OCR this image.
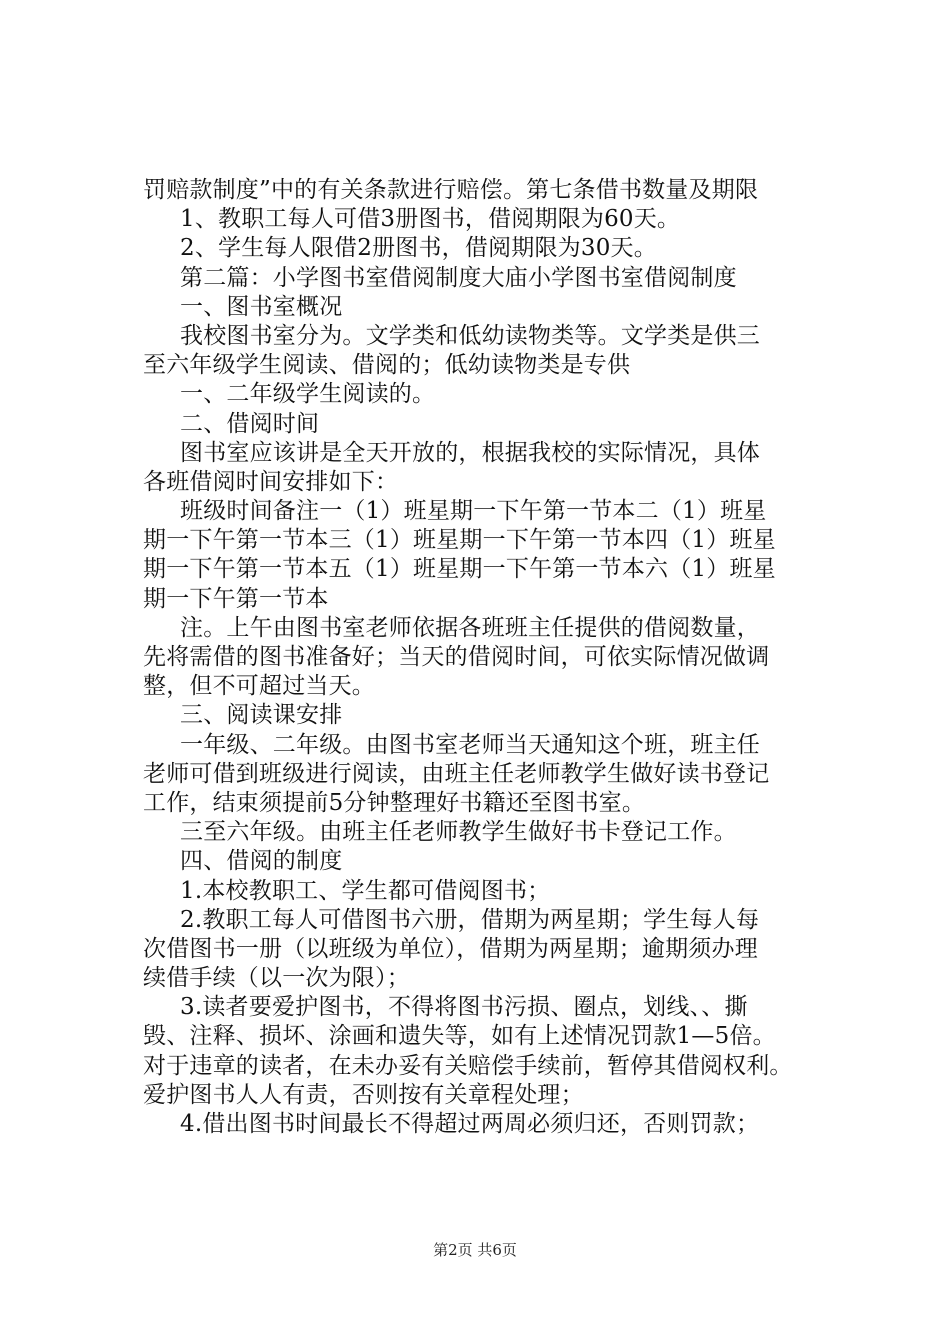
罚赔款制度”中的有关条款进行赔偿。第七条借书数量及期限
1、教职工每人可借3册图书，借阅期限为60天。
2、学生每人限借2册图书，借阅期限为30天。
第二篇：小学图书室借阅制度大庙小学图书室借阅制度
一、图书室概况
我校图书室分为。文学类和低幼读物类等。文学类是供三
至六年级学生阅读、借阅的；低幼读物类是专供
一、二年级学生阅读的。
二、借阅时间
图书室应该讲是全天开放的，根据我校的实际情况，具体
各班借阅时间安排如下：
班级时间备注一（1）班星期一下午第一节本二（1）班星
期一下午第一节本三（1）班星期一下午第一节本四（1）班星
期一下午第一节本五（1）班星期一下午第一节本六（1）班星
期一下午第一节本
注。上午由图书室老师依据各班班主任提供的借阅数量，
先将需借的图书准备好；当天的借阅时间，可依实际情况做调
整，但不可超过当天。
三、阅读课安排
一年级、二年级。由图书室老师当天通知这个班，班主任
老师可借到班级进行阅读，由班主任老师教学生做好读书登记
工作，结束须提前5分钟整理好书籍还至图书室。
三至六年级。由班主任老师教学生做好书卡登记工作。
四、借阅的制度
1.本校教职工、学生都可借阅图书；
2.教职工每人可借图书六册，借期为两星期；学生每人每
次借图书一册（以班级为单位），借期为两星期；逾期须办理
续借手续（以一次为限）；
3.读者要爱护图书，不得将图书污损、圈点，划线、、撕
毁、注释、损坏、涂画和遗失等，如有上述情况罚款1—5倍。
对于违章的读者，在未办妥有关赔偿手续前，暂停其借阅权利。
爱护图书人人有责，否则按有关章程处理；
4.借出图书时间最长不得超过两周必须归还，否则罚款；
第2页 共6页
